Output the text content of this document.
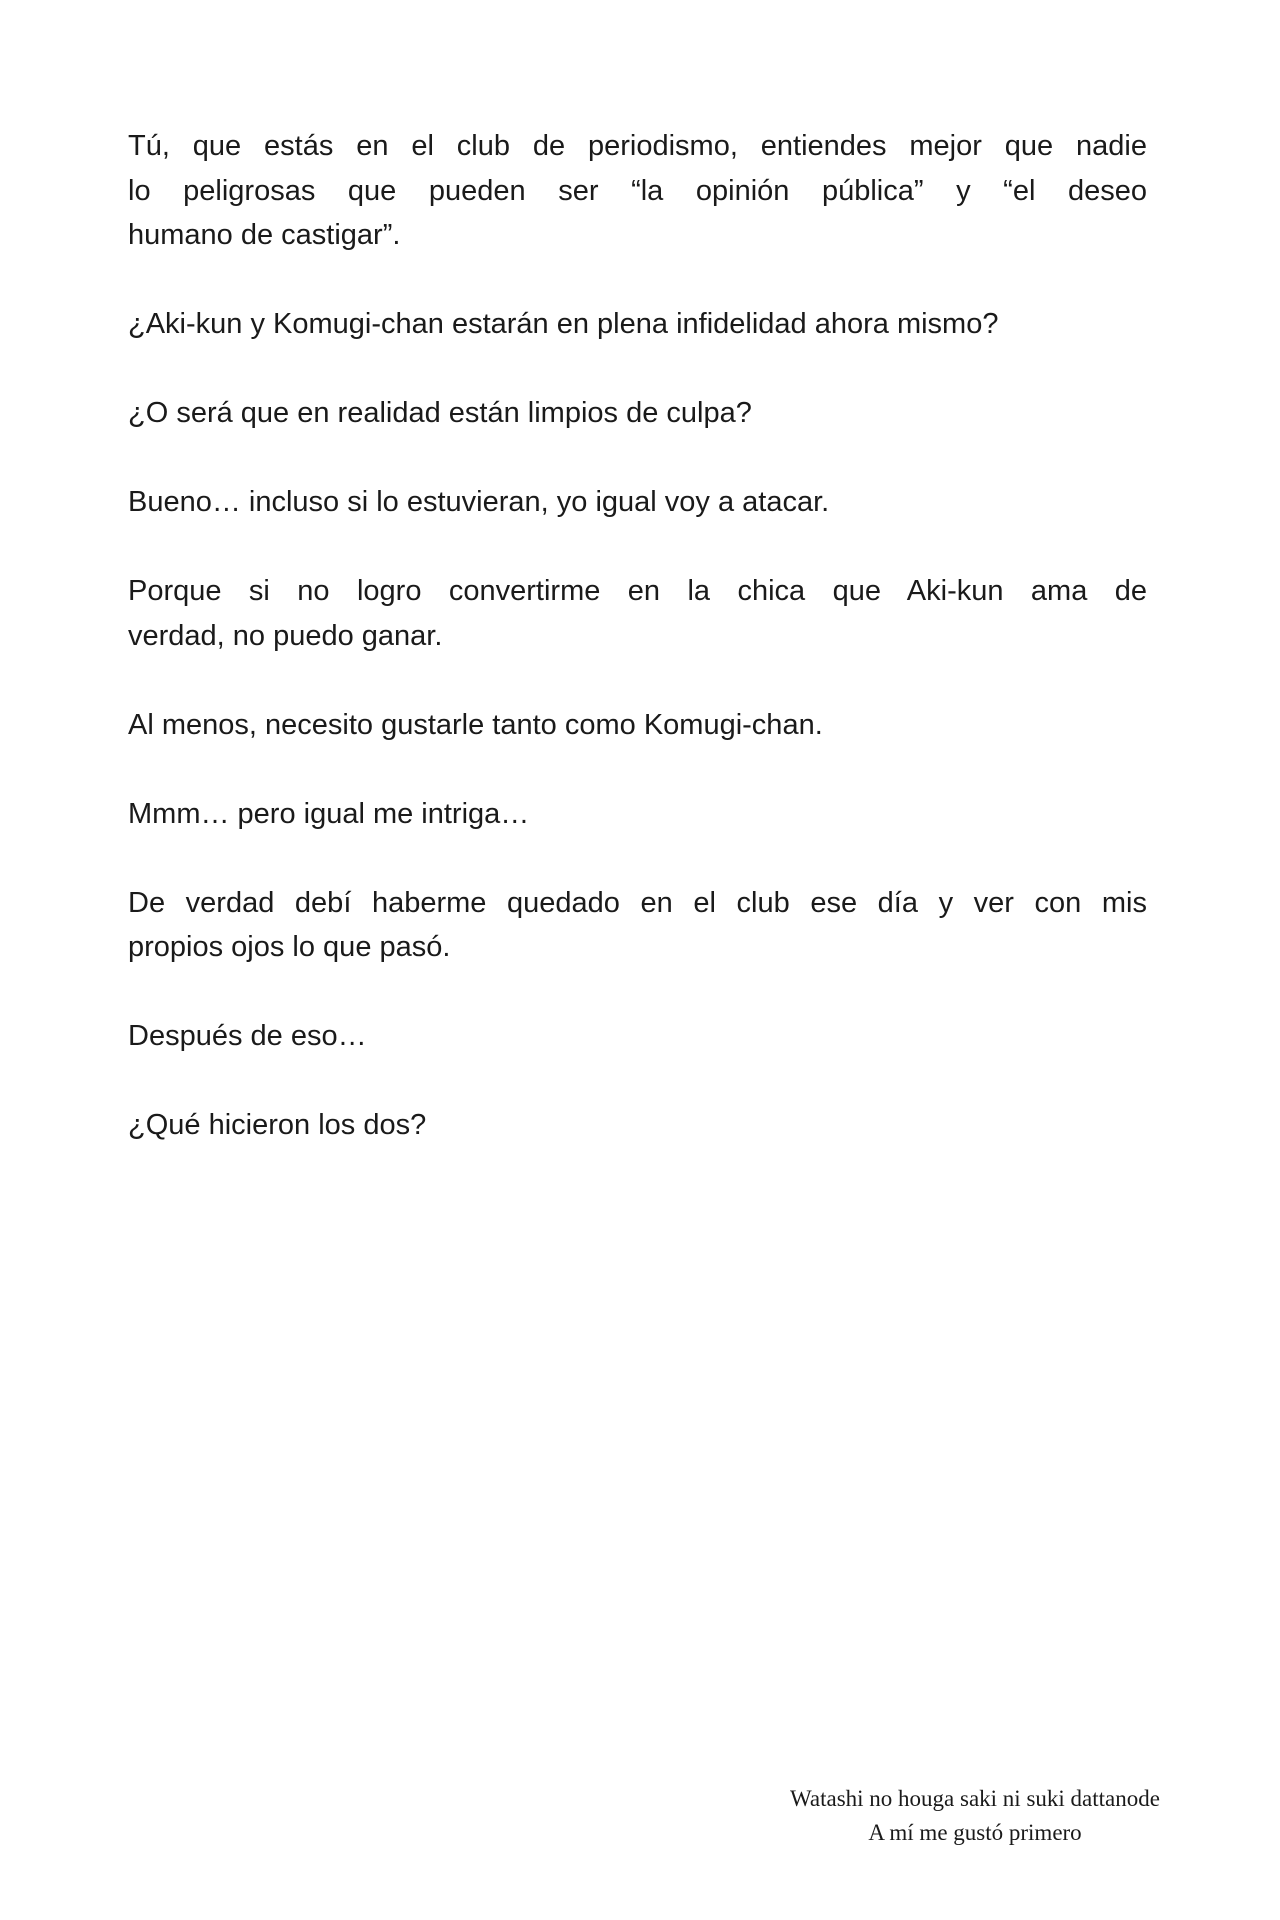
Tú, que estás en el club de periodismo, entiendes mejor que nadie
lo peligrosas que pueden ser “la opinión pública” y “el deseo
humano de castigar”.
¿Aki-kun y Komugi-chan estarán en plena infidelidad ahora mismo?
¿O será que en realidad están limpios de culpa?
Bueno… incluso si lo estuvieran, yo igual voy a atacar.
Porque si no logro convertirme en la chica que Aki-kun ama de
verdad, no puedo ganar.
Al menos, necesito gustarle tanto como Komugi-chan.
Mmm… pero igual me intriga…
De verdad debí haberme quedado en el club ese día y ver con mis
propios ojos lo que pasó.
Después de eso…
¿Qué hicieron los dos?
Watashi no houga saki ni suki dattanode
A mí me gustó primero
